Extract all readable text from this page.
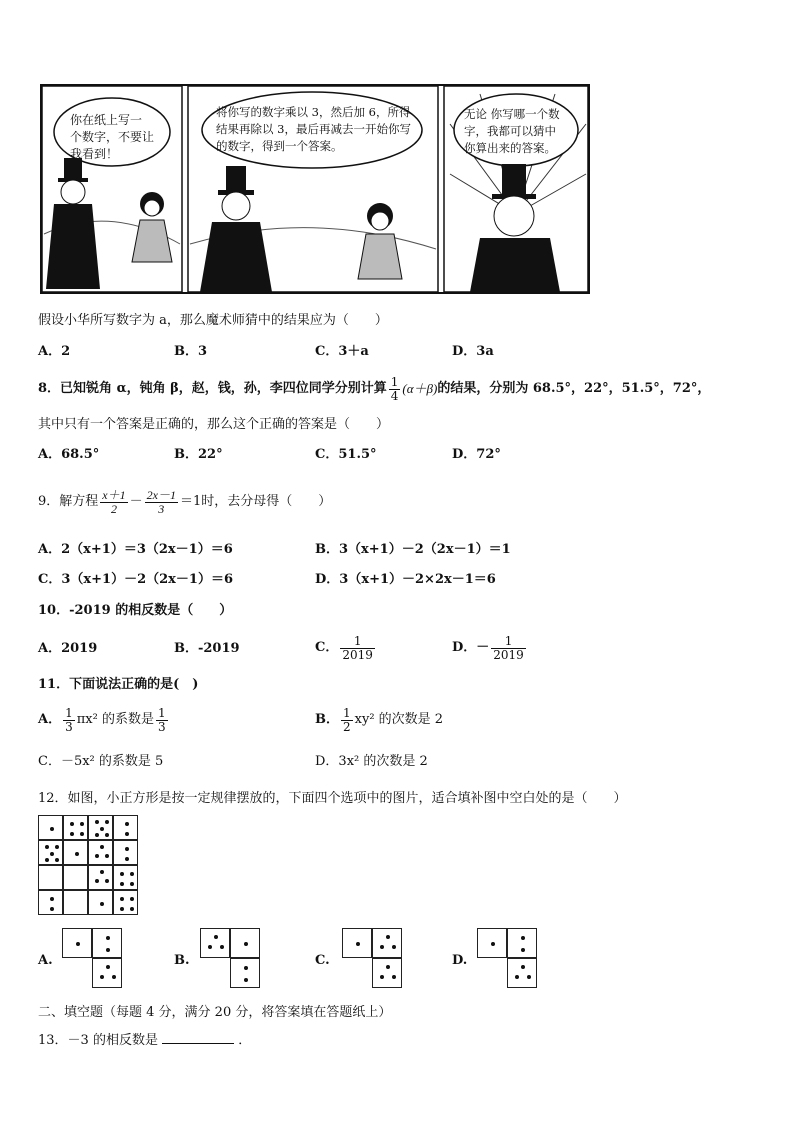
你在纸上写一
个数字，不要让
我看到！
将你写的数字乘以 3，然后加 6，所得
结果再除以 3，最后再减去一开始你写
的数字，得到一个答案。
无论 你写哪一个数
字，我都可以猜中
你算出来的答案。
假设小华所写数字为 a，那么魔术师猜中的结果应为（　　）
A．2	B．3	C．3＋a	D．3a
8．已知锐角 α，钝角 β，赵，钱，孙，李四位同学分别计算 $\frac{1}{4} (\alpha+\beta)$ 的结果，分别为 68.5°，22°，51.5°，72°，
其中只有一个答案是正确的，那么这个正确的答案是（　　）
A．68.5°	B．22°	C．51.5°	D．72°
9．解方程 $\frac{x+1}{2} - \frac{2x-1}{3} =1$时，去分母得（　　）
A．2（x+1）＝3（2x－1）＝6	B．3（x+1）－2（2x－1）＝1
C．3（x+1）－2（2x－1）＝6	D．3（x+1）－2×2x－1＝6
10．-2019 的相反数是（　　）
A．2019	B．-2019	C． $\frac{1}{2019}$	D．－ $\frac{1}{2019}$
11．下面说法正确的是(　)
A． $\frac{1}{3} \pi x^2$ 的系数是 $\frac{1}{3}$	B． $\frac{1}{2} xy^2$ 的次数是 2
C．－5x² 的系数是 5	D．3x² 的次数是 2
12．如图，小正方形是按一定规律摆放的，下面四个选项中的图片，适合填补图中空白处的是（　　）
A.	B.	C.	D.
二、填空题（每题 4 分，满分 20 分，将答案填在答题纸上）
13．－3 的相反数是	．
